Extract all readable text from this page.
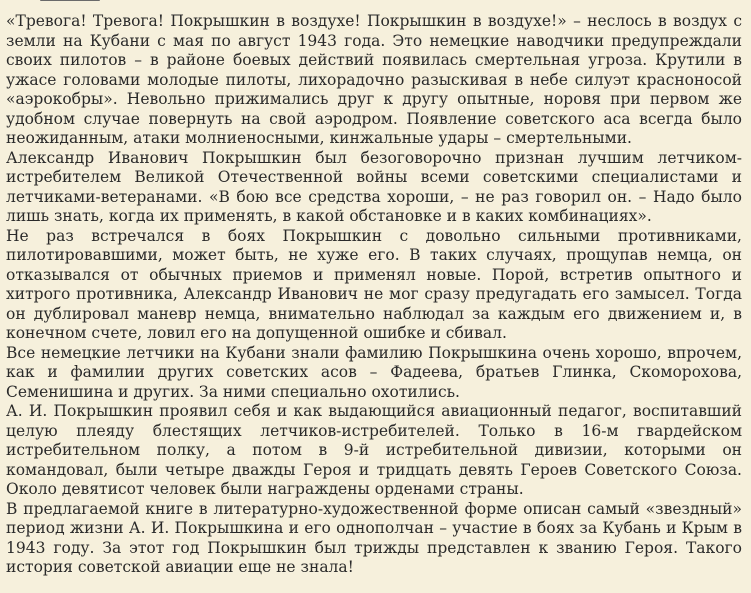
«Тревога! Тревога! Покрышкин в воздухе! Покрышкин в воздухе!» – неслось в воздух с земли на Кубани с мая по август 1943 года. Это немецкие наводчики предупреждали своих пилотов – в районе боевых действий появилась смертельная угроза. Крутили в ужасе головами молодые пилоты, лихорадочно разыскивая в небе силуэт красноносой «аэрокобры». Невольно прижимались друг к другу опытные, норовя при первом же удобном случае повернуть на свой аэродром. Появление советского аса всегда было неожиданным, атаки молниеносными, кинжальные удары – смертельными.

Александр Иванович Покрышкин был безоговорочно признан лучшим летчиком-истребителем Великой Отечественной войны всеми советскими специалистами и летчиками-ветеранами. «В бою все средства хороши, – не раз говорил он. – Надо было лишь знать, когда их применять, в какой обстановке и в каких комбинациях».

Не раз встречался в боях Покрышкин с довольно сильными противниками, пилотировавшими, может быть, не хуже его. В таких случаях, прощупав немца, он отказывался от обычных приемов и применял новые. Порой, встретив опытного и хитрого противника, Александр Иванович не мог сразу предугадать его замысел. Тогда он дублировал маневр немца, внимательно наблюдал за каждым его движением и, в конечном счете, ловил его на допущенной ошибке и сбивал.

Все немецкие летчики на Кубани знали фамилию Покрышкина очень хорошо, впрочем, как и фамилии других советских асов – Фадеева, братьев Глинка, Скоморохова, Семенишина и других. За ними специально охотились.

А. И. Покрышкин проявил себя и как выдающийся авиационный педагог, воспитавший целую плеяду блестящих летчиков-истребителей. Только в 16-м гвардейском истребительном полку, а потом в 9-й истребительной дивизии, которыми он командовал, были четыре дважды Героя и тридцать девять Героев Советского Союза. Около девятисот человек были награждены орденами страны.

В предлагаемой книге в литературно-художественной форме описан самый «звездный» период жизни А. И. Покрышкина и его однополчан – участие в боях за Кубань и Крым в 1943 году. За этот год Покрышкин был трижды представлен к званию Героя. Такого история советской авиации еще не знала!
